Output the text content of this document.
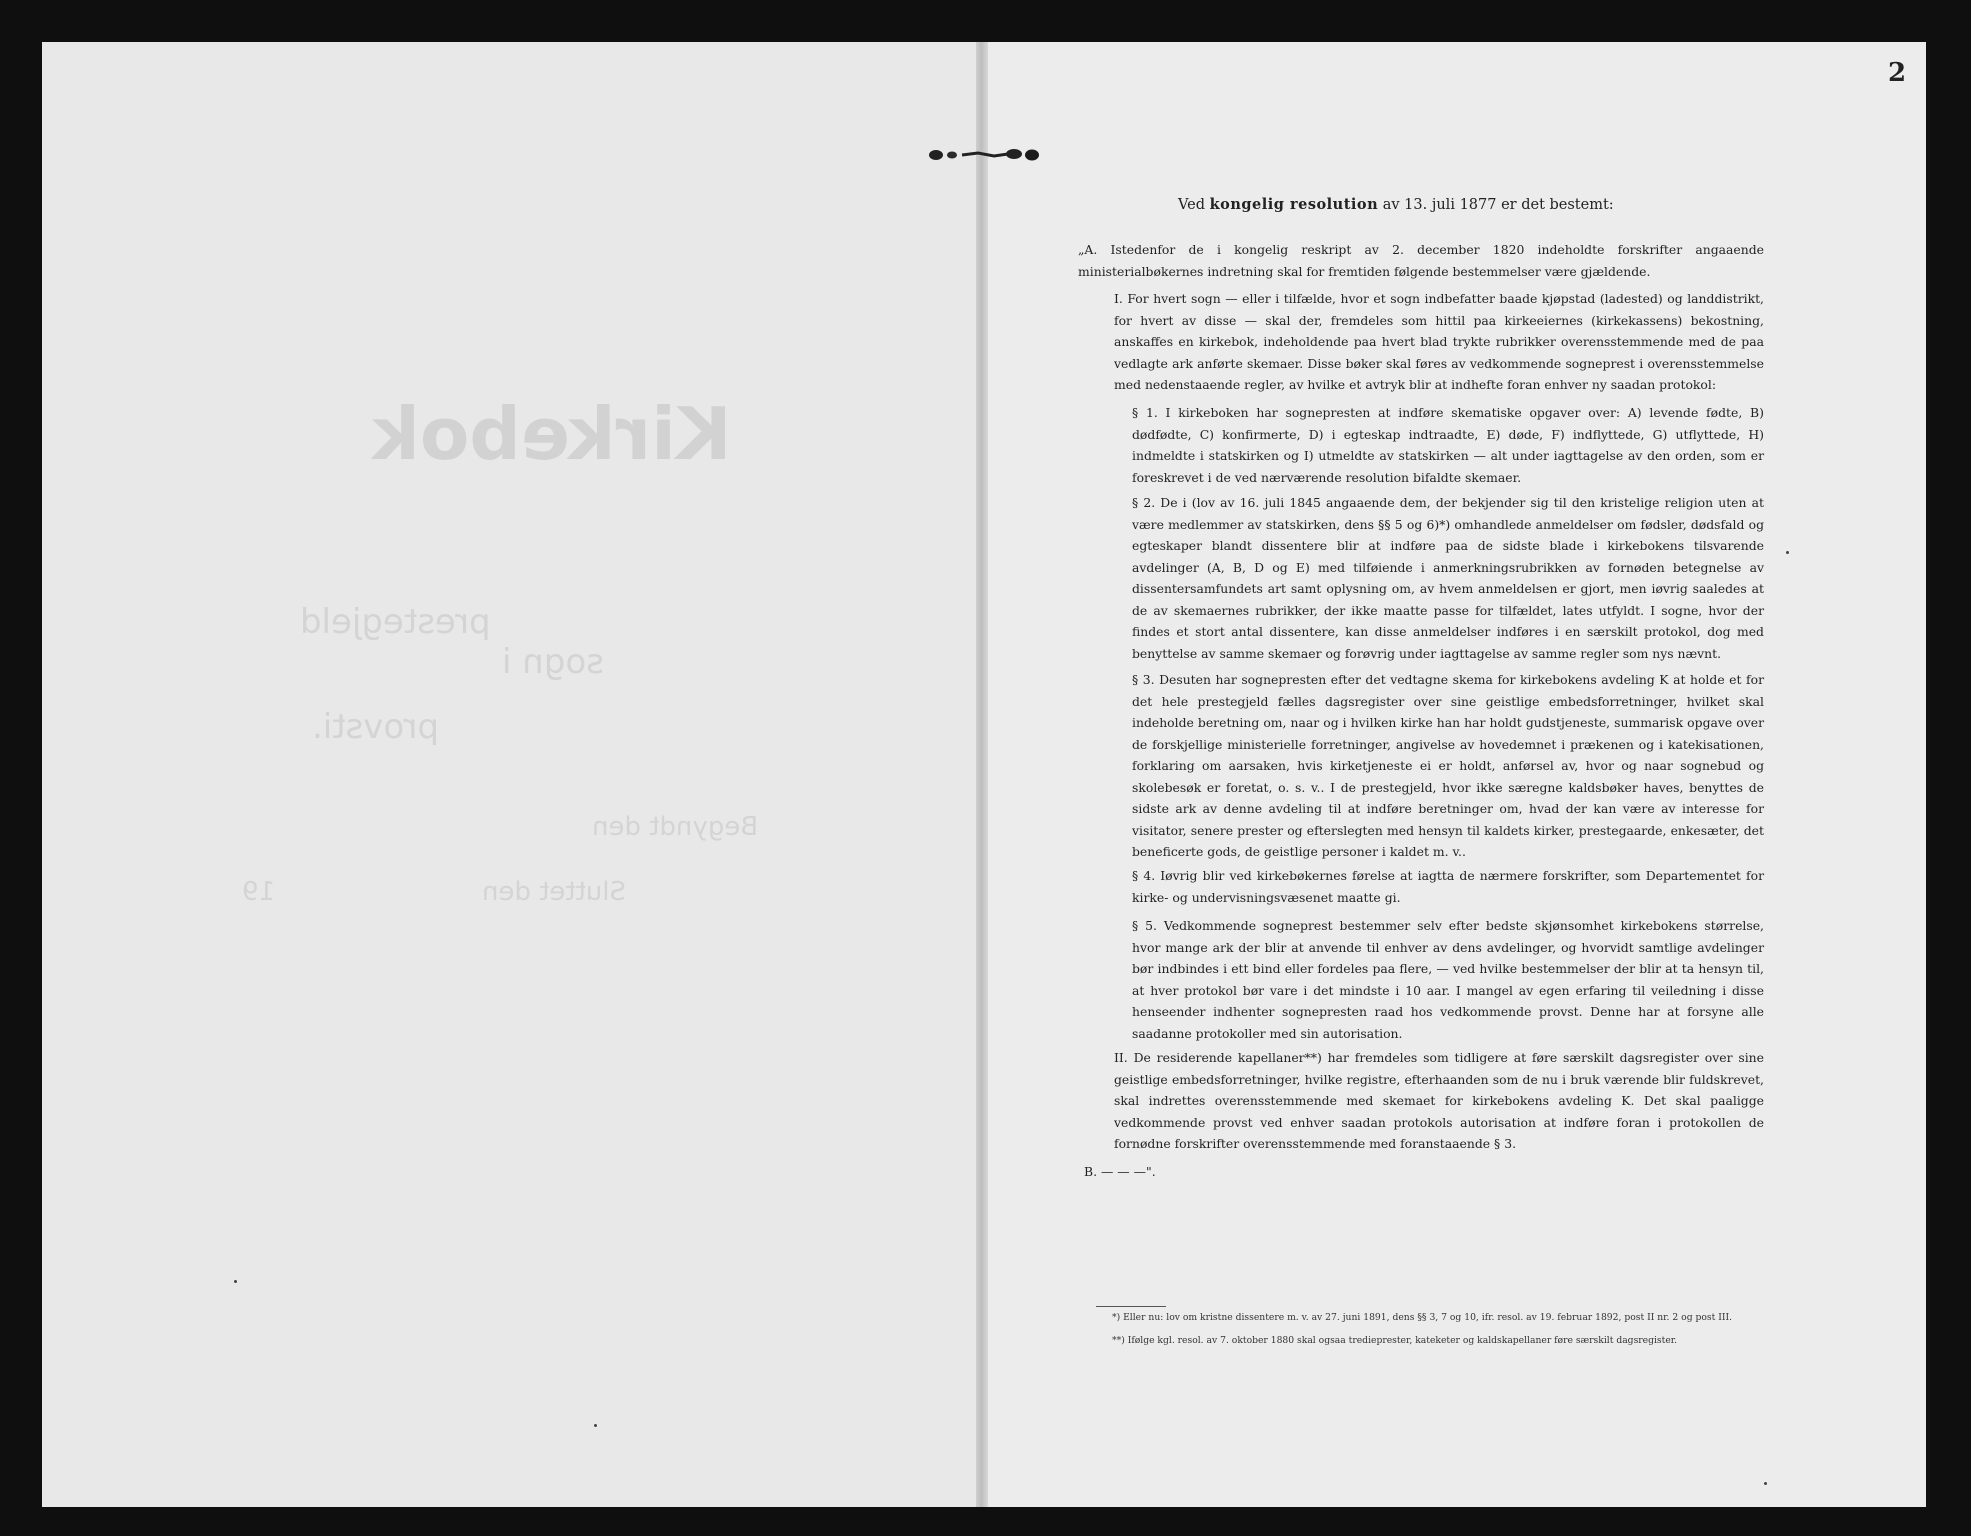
Kirkebok
prestegjeld
sogn i
provsti.
Begyndt den
Sluttet den
19
2
Ved kongelig resolution av 13. juli 1877 er det bestemt:
„A. Istedenfor de i kongelig reskript av 2. december 1820 indeholdte forskrifter angaaende ministerialbøkernes indretning skal for fremtiden følgende bestemmelser være gjældende.
I. For hvert sogn — eller i tilfælde, hvor et sogn indbefatter baade kjøpstad (ladested) og landdistrikt, for hvert av disse — skal der, fremdeles som hittil paa kirkeeiernes (kirkekassens) bekostning, anskaffes en kirkebok, indeholdende paa hvert blad trykte rubrikker overensstemmende med de paa vedlagte ark anførte skemaer. Disse bøker skal føres av vedkommende sogneprest i overensstemmelse med nedenstaaende regler, av hvilke et avtryk blir at indhefte foran enhver ny saadan protokol:
§ 1. I kirkeboken har sognepresten at indføre skematiske opgaver over: A) levende fødte, B) dødfødte, C) konfirmerte, D) i egteskap indtraadte, E) døde, F) indflyttede, G) utflyttede, H) indmeldte i statskirken og I) utmeldte av statskirken — alt under iagttagelse av den orden, som er foreskrevet i de ved nærværende resolution bifaldte skemaer.
§ 2. De i (lov av 16. juli 1845 angaaende dem, der bekjender sig til den kristelige religion uten at være medlemmer av statskirken, dens §§ 5 og 6)*) omhandlede anmeldelser om fødsler, dødsfald og egteskaper blandt dissentere blir at indføre paa de sidste blade i kirkebokens tilsvarende avdelinger (A, B, D og E) med tilføiende i anmerkningsrubrikken av fornøden betegnelse av dissentersamfundets art samt oplysning om, av hvem anmeldelsen er gjort, men iøvrig saaledes at de av skemaernes rubrikker, der ikke maatte passe for tilfældet, lates utfyldt. I sogne, hvor der findes et stort antal dissentere, kan disse anmeldelser indføres i en særskilt protokol, dog med benyttelse av samme skemaer og forøvrig under iagttagelse av samme regler som nys nævnt.
§ 3. Desuten har sognepresten efter det vedtagne skema for kirkebokens avdeling K at holde et for det hele prestegjeld fælles dagsregister over sine geistlige embedsforretninger, hvilket skal indeholde beretning om, naar og i hvilken kirke han har holdt gudstjeneste, summarisk opgave over de forskjellige ministerielle forretninger, angivelse av hovedemnet i prækenen og i katekisationen, forklaring om aarsaken, hvis kirketjeneste ei er holdt, anførsel av, hvor og naar sognebud og skolebesøk er foretat, o. s. v.. I de prestegjeld, hvor ikke særegne kaldsbøker haves, benyttes de sidste ark av denne avdeling til at indføre beretninger om, hvad der kan være av interesse for visitator, senere prester og efterslegten med hensyn til kaldets kirker, prestegaarde, enkesæter, det beneficerte gods, de geistlige personer i kaldet m. v..
§ 4. Iøvrig blir ved kirkebøkernes førelse at iagtta de nærmere forskrifter, som Departementet for kirke- og undervisningsvæsenet maatte gi.
§ 5. Vedkommende sogneprest bestemmer selv efter bedste skjønsomhet kirkebokens størrelse, hvor mange ark der blir at anvende til enhver av dens avdelinger, og hvorvidt samtlige avdelinger bør indbindes i ett bind eller fordeles paa flere, — ved hvilke bestemmelser der blir at ta hensyn til, at hver protokol bør vare i det mindste i 10 aar. I mangel av egen erfaring til veiledning i disse henseender indhenter sognepresten raad hos vedkommende provst. Denne har at forsyne alle saadanne protokoller med sin autorisation.
II. De residerende kapellaner**) har fremdeles som tidligere at føre særskilt dagsregister over sine geistlige embedsforretninger, hvilke registre, efterhaanden som de nu i bruk værende blir fuldskrevet, skal indrettes overensstemmende med skemaet for kirkebokens avdeling K. Det skal paaligge vedkommende provst ved enhver saadan protokols autorisation at indføre foran i protokollen de fornødne forskrifter overensstemmende med foranstaaende § 3.
B. — — —".
*) Eller nu: lov om kristne dissentere m. v. av 27. juni 1891, dens §§ 3, 7 og 10, ifr. resol. av 19. februar 1892, post II nr. 2 og post III.
**) Ifølge kgl. resol. av 7. oktober 1880 skal ogsaa tredieprester, kateketer og kaldskapellaner føre særskilt dagsregister.
